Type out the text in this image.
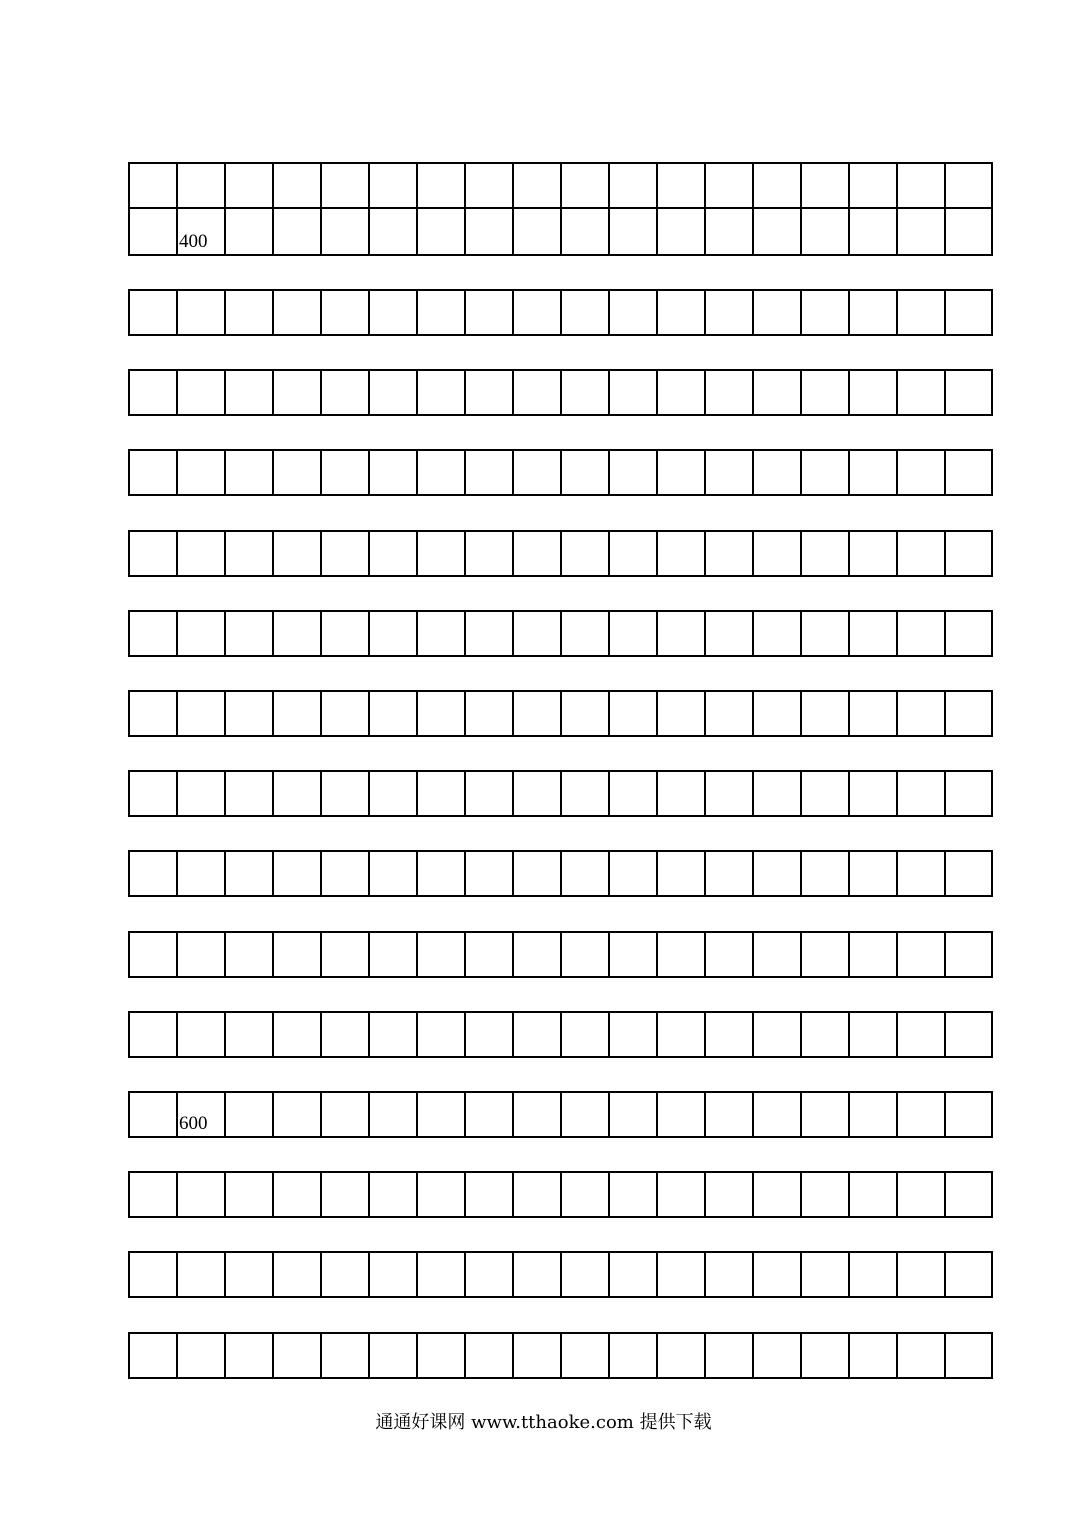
400
600
通通好课网 www.tthaoke.com 提供下载
